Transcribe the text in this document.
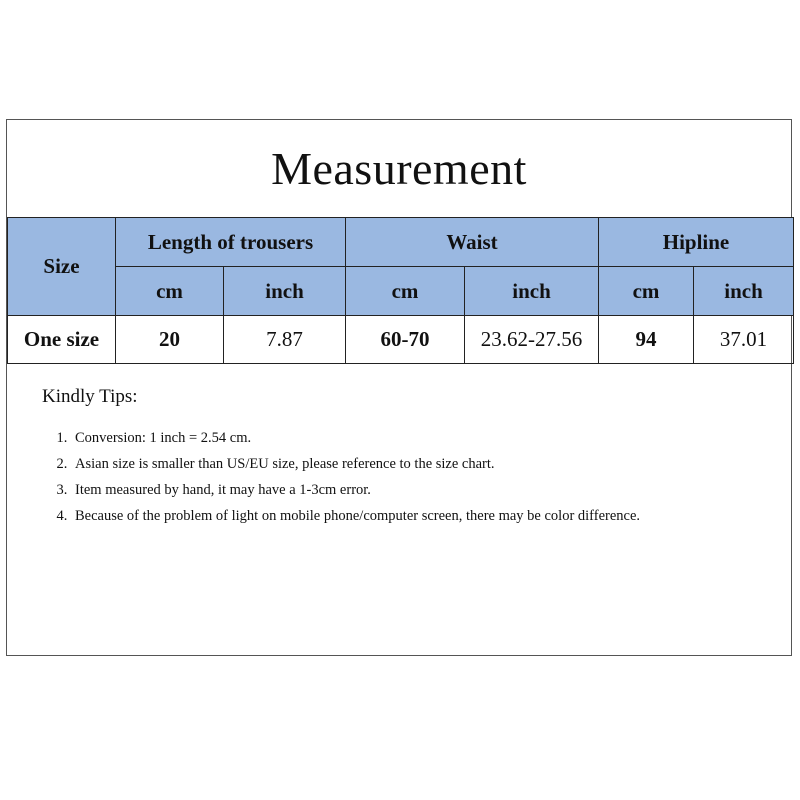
Measurement
Size	Length of trousers		Waist		Hipline	
	cm	inch	cm	inch	cm	inch
One size	20	7.87	60-70	23.62-27.56	94	37.01
Kindly Tips:
1. Conversion: 1 inch = 2.54 cm.
2. Asian size is smaller than US/EU size, please reference to the size chart.
3. Item measured by hand, it may have a 1-3cm error.
4. Because of the problem of light on mobile phone/computer screen, there may be color difference.
